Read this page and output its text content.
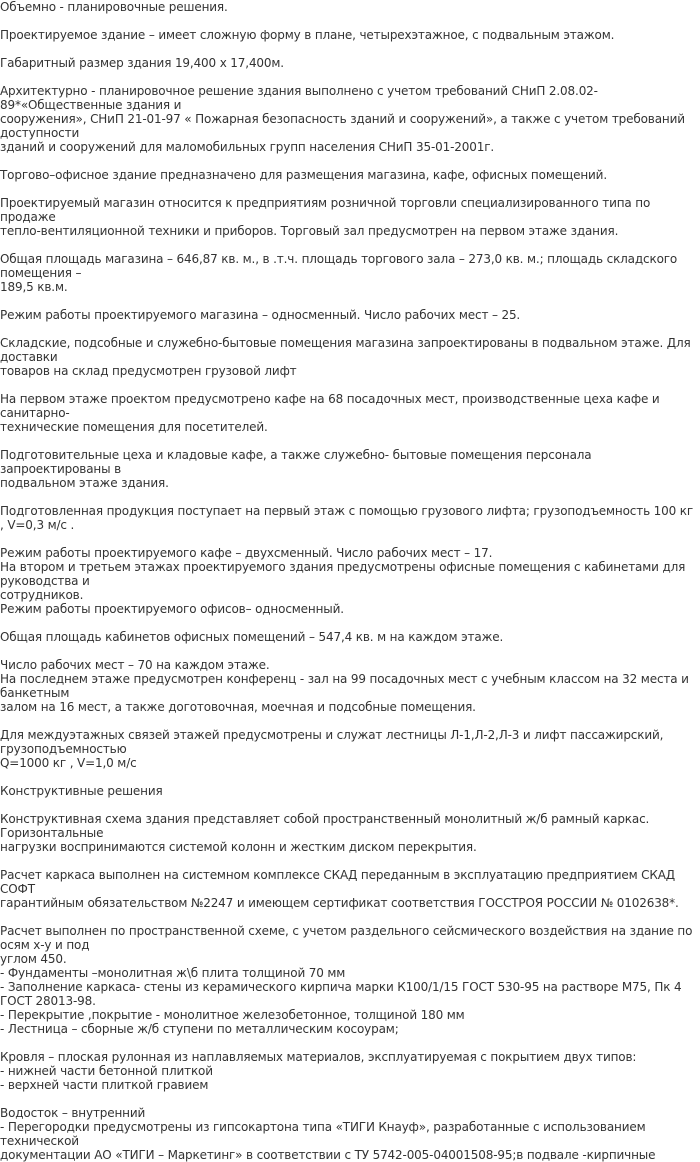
Объемно - планировочные решения.

Проектируемое здание – имеет сложную форму в плане, четырехэтажное, с подвальным этажом.

Габаритный размер здания 19,400 х 17,400м.

Архитектурно - планировочное решение здания выполнено с учетом требований СНиП 2.08.02-89*«Общественные здания и
сооружения», СНиП 21-01-97 « Пожарная безопасность зданий и сооружений», а также с учетом требований доступности
зданий и сооружений для маломобильных групп населения СНиП 35-01-2001г.

Торгово–офисное здание предназначено для размещения магазина, кафе, офисных помещений.

Проектируемый магазин относится к предприятиям розничной торговли специализированного типа по продаже
тепло-вентиляционной техники и приборов. Торговый зал предусмотрен на первом этаже здания.

Общая площадь магазина – 646,87 кв. м., в .т.ч. площадь торгового зала – 273,0 кв. м.; площадь складского помещения –
189,5 кв.м.

Режим работы проектируемого магазина – односменный. Число рабочих мест – 25.

Складские, подсобные и служебно-бытовые помещения магазина запроектированы в подвальном этаже. Для доставки
товаров на склад предусмотрен грузовой лифт

На первом этаже проектом предусмотрено кафе на 68 посадочных мест, производственные цеха кафе и санитарно-
технические помещения для посетителей.

Подготовительные цеха и кладовые кафе, а также служебно- бытовые помещения персонала запроектированы в
подвальном этаже здания.

Подготовленная продукция поступает на первый этаж с помощью грузового лифта; грузоподъемность 100 кг , V=0,3 м/с .

Режим работы проектируемого кафе – двухсменный. Число рабочих мест – 17.

На втором и третьем этажах проектируемого здания предусмотрены офисные помещения с кабинетами для руководства и
сотрудников.

Режим работы проектируемого офисов– односменный.

Общая площадь кабинетов офисных помещений – 547,4 кв. м на каждом этаже.

Число рабочих мест – 70 на каждом этаже.

На последнем этаже предусмотрен конференц - зал на 99 посадочных мест с учебным классом на 32 места и банкетным
залом на 16 мест, а также доготовочная, моечная и подсобные помещения.

Для междуэтажных связей этажей предусмотрены и служат лестницы Л-1,Л-2,Л-3 и лифт пассажирский, грузоподъемностью
Q=1000 кг , V=1,0 м/с

Конструктивные решения

Конструктивная схема здания представляет собой пространственный монолитный ж/б рамный каркас. Горизонтальные
нагрузки воспринимаются системой колонн и жестким диском перекрытия.

Расчет каркаса выполнен на системном комплексе СКАД переданным в эксплуатацию предприятием СКАД СОФТ
гарантийным обязательством №2247 и имеющем сертификат соответствия ГОССТРОЯ РОССИИ № 0102638*.

Расчет выполнен по пространственной схеме, с учетом раздельного сейсмического воздействия на здание по осям х-у и под
углом 450.

- Фундаменты –монолитная ж\б плита толщиной 70 мм

- Заполнение каркаса- стены из керамического кирпича марки К100/1/15 ГОСТ 530-95 на растворе М75, Пк 4 ГОСТ 28013-98.

- Перекрытие ,покрытие - монолитное железобетонное, толщиной 180 мм

- Лестница – сборные ж/б ступени по металлическим косоурам;

Кровля – плоская рулонная из наплавляемых материалов, эксплуатируемая с покрытием двух типов:

- нижней части бетонной плиткой

- верхней части плиткой гравием

Водосток – внутренний

- Перегородки предусмотрены из гипсокартона типа «ТИГИ Кнауф», разработанные с использованием технической
документации АО «ТИГИ – Маркетинг» в соответствии с ТУ 5742-005-04001508-95;в подвале -кирпичные
